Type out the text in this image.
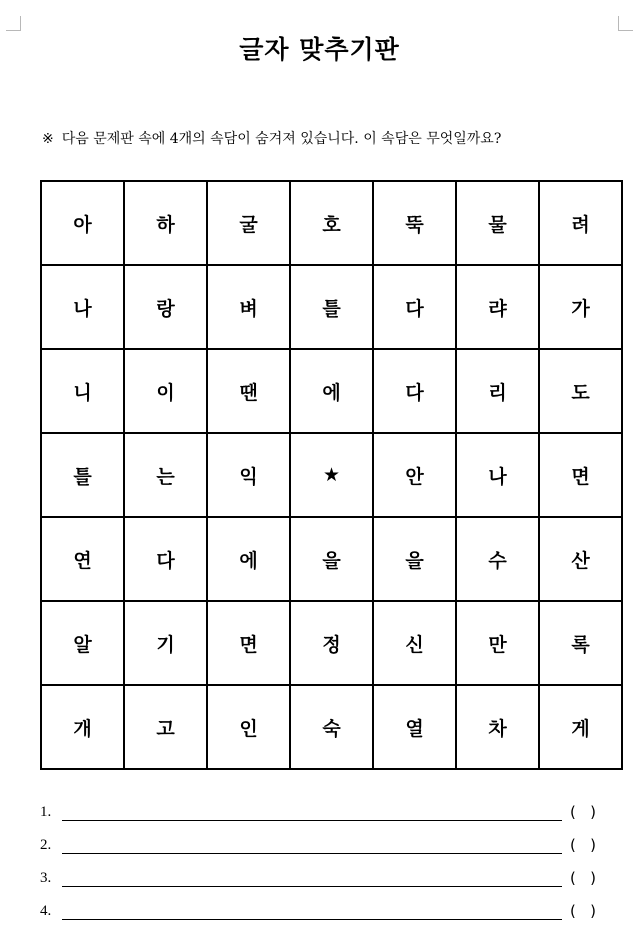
글자 맞추기판
※ 다음 문제판 속에 4개의 속담이 숨겨져 있습니다. 이 속담은 무엇일까요?
아	하	굴	호	뚝	물	려
나	랑	벼	틀	다	랴	가
니	이	땐	에	다	리	도
틀	는	익	★	안	나	면
연	다	에	을	을	수	산
알	기	면	정	신	만	록
개	고	인	숙	열	차	게
1.	(   )
2.	(   )
3.	(   )
4.	(   )
